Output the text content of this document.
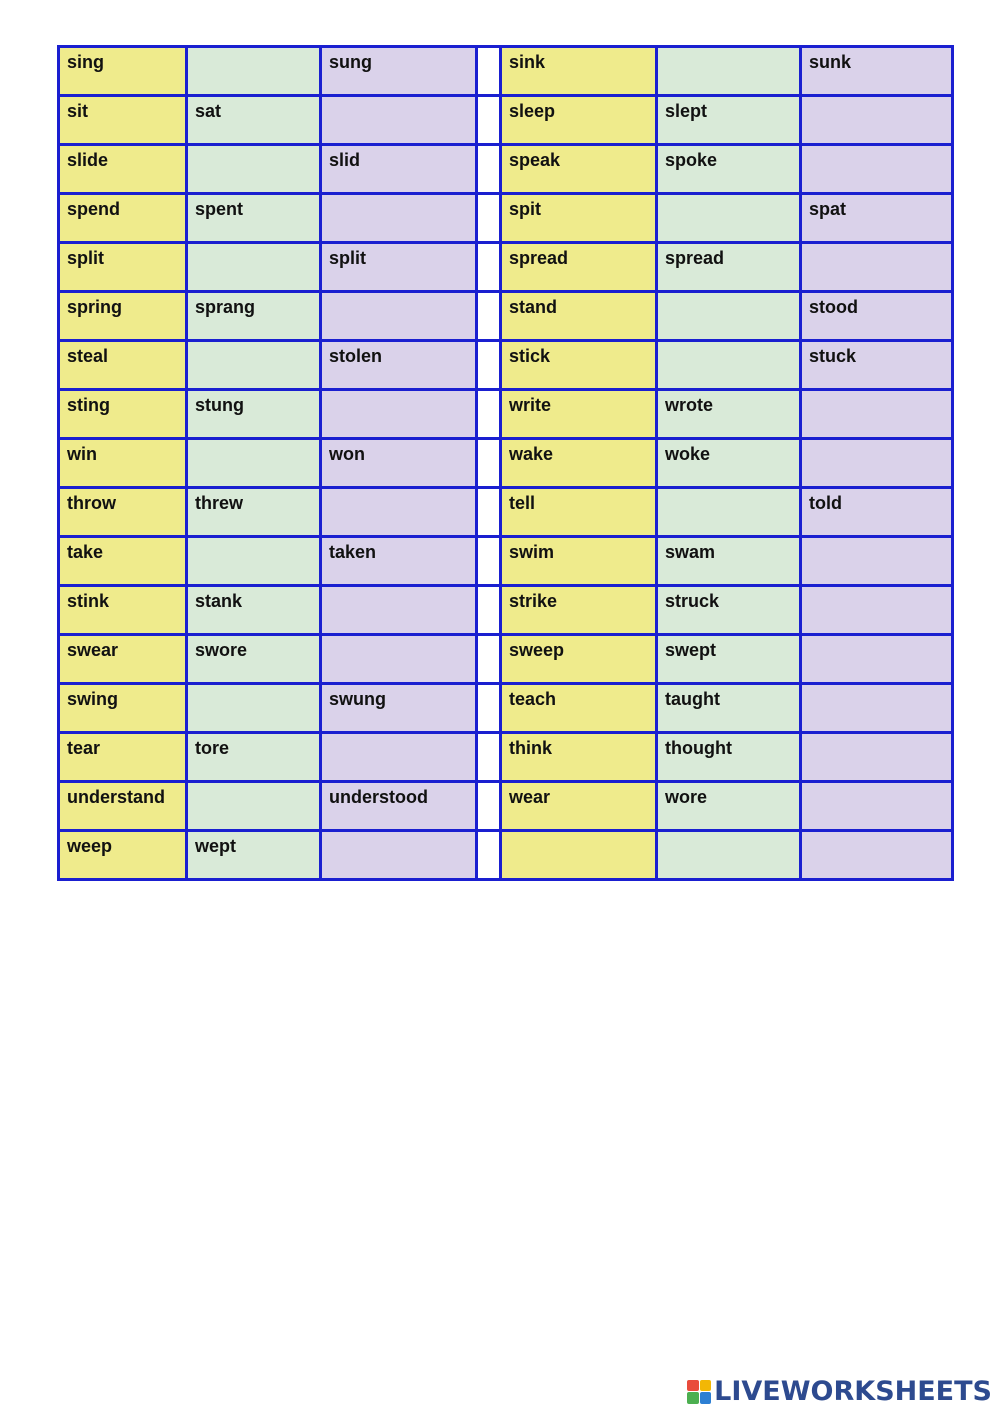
sing		sung		sink		sunk
sit	sat			sleep	slept	

slide		slid		speak	spoke	

spend	spent			spit		spat
split		split		spread	spread	

spring	sprang			stand		stood
steal		stolen		stick		stuck
sting	stung			write	wrote	

win		won		wake	woke	

throw	threw			tell		told
take		taken		swim	swam	

stink	stank			strike	struck	

swear	swore			sweep	swept	

swing		swung		teach	taught	

tear	tore			think	thought	

understand		understood		wear	wore	

weep	wept	

LIVEWORKSHEETS
